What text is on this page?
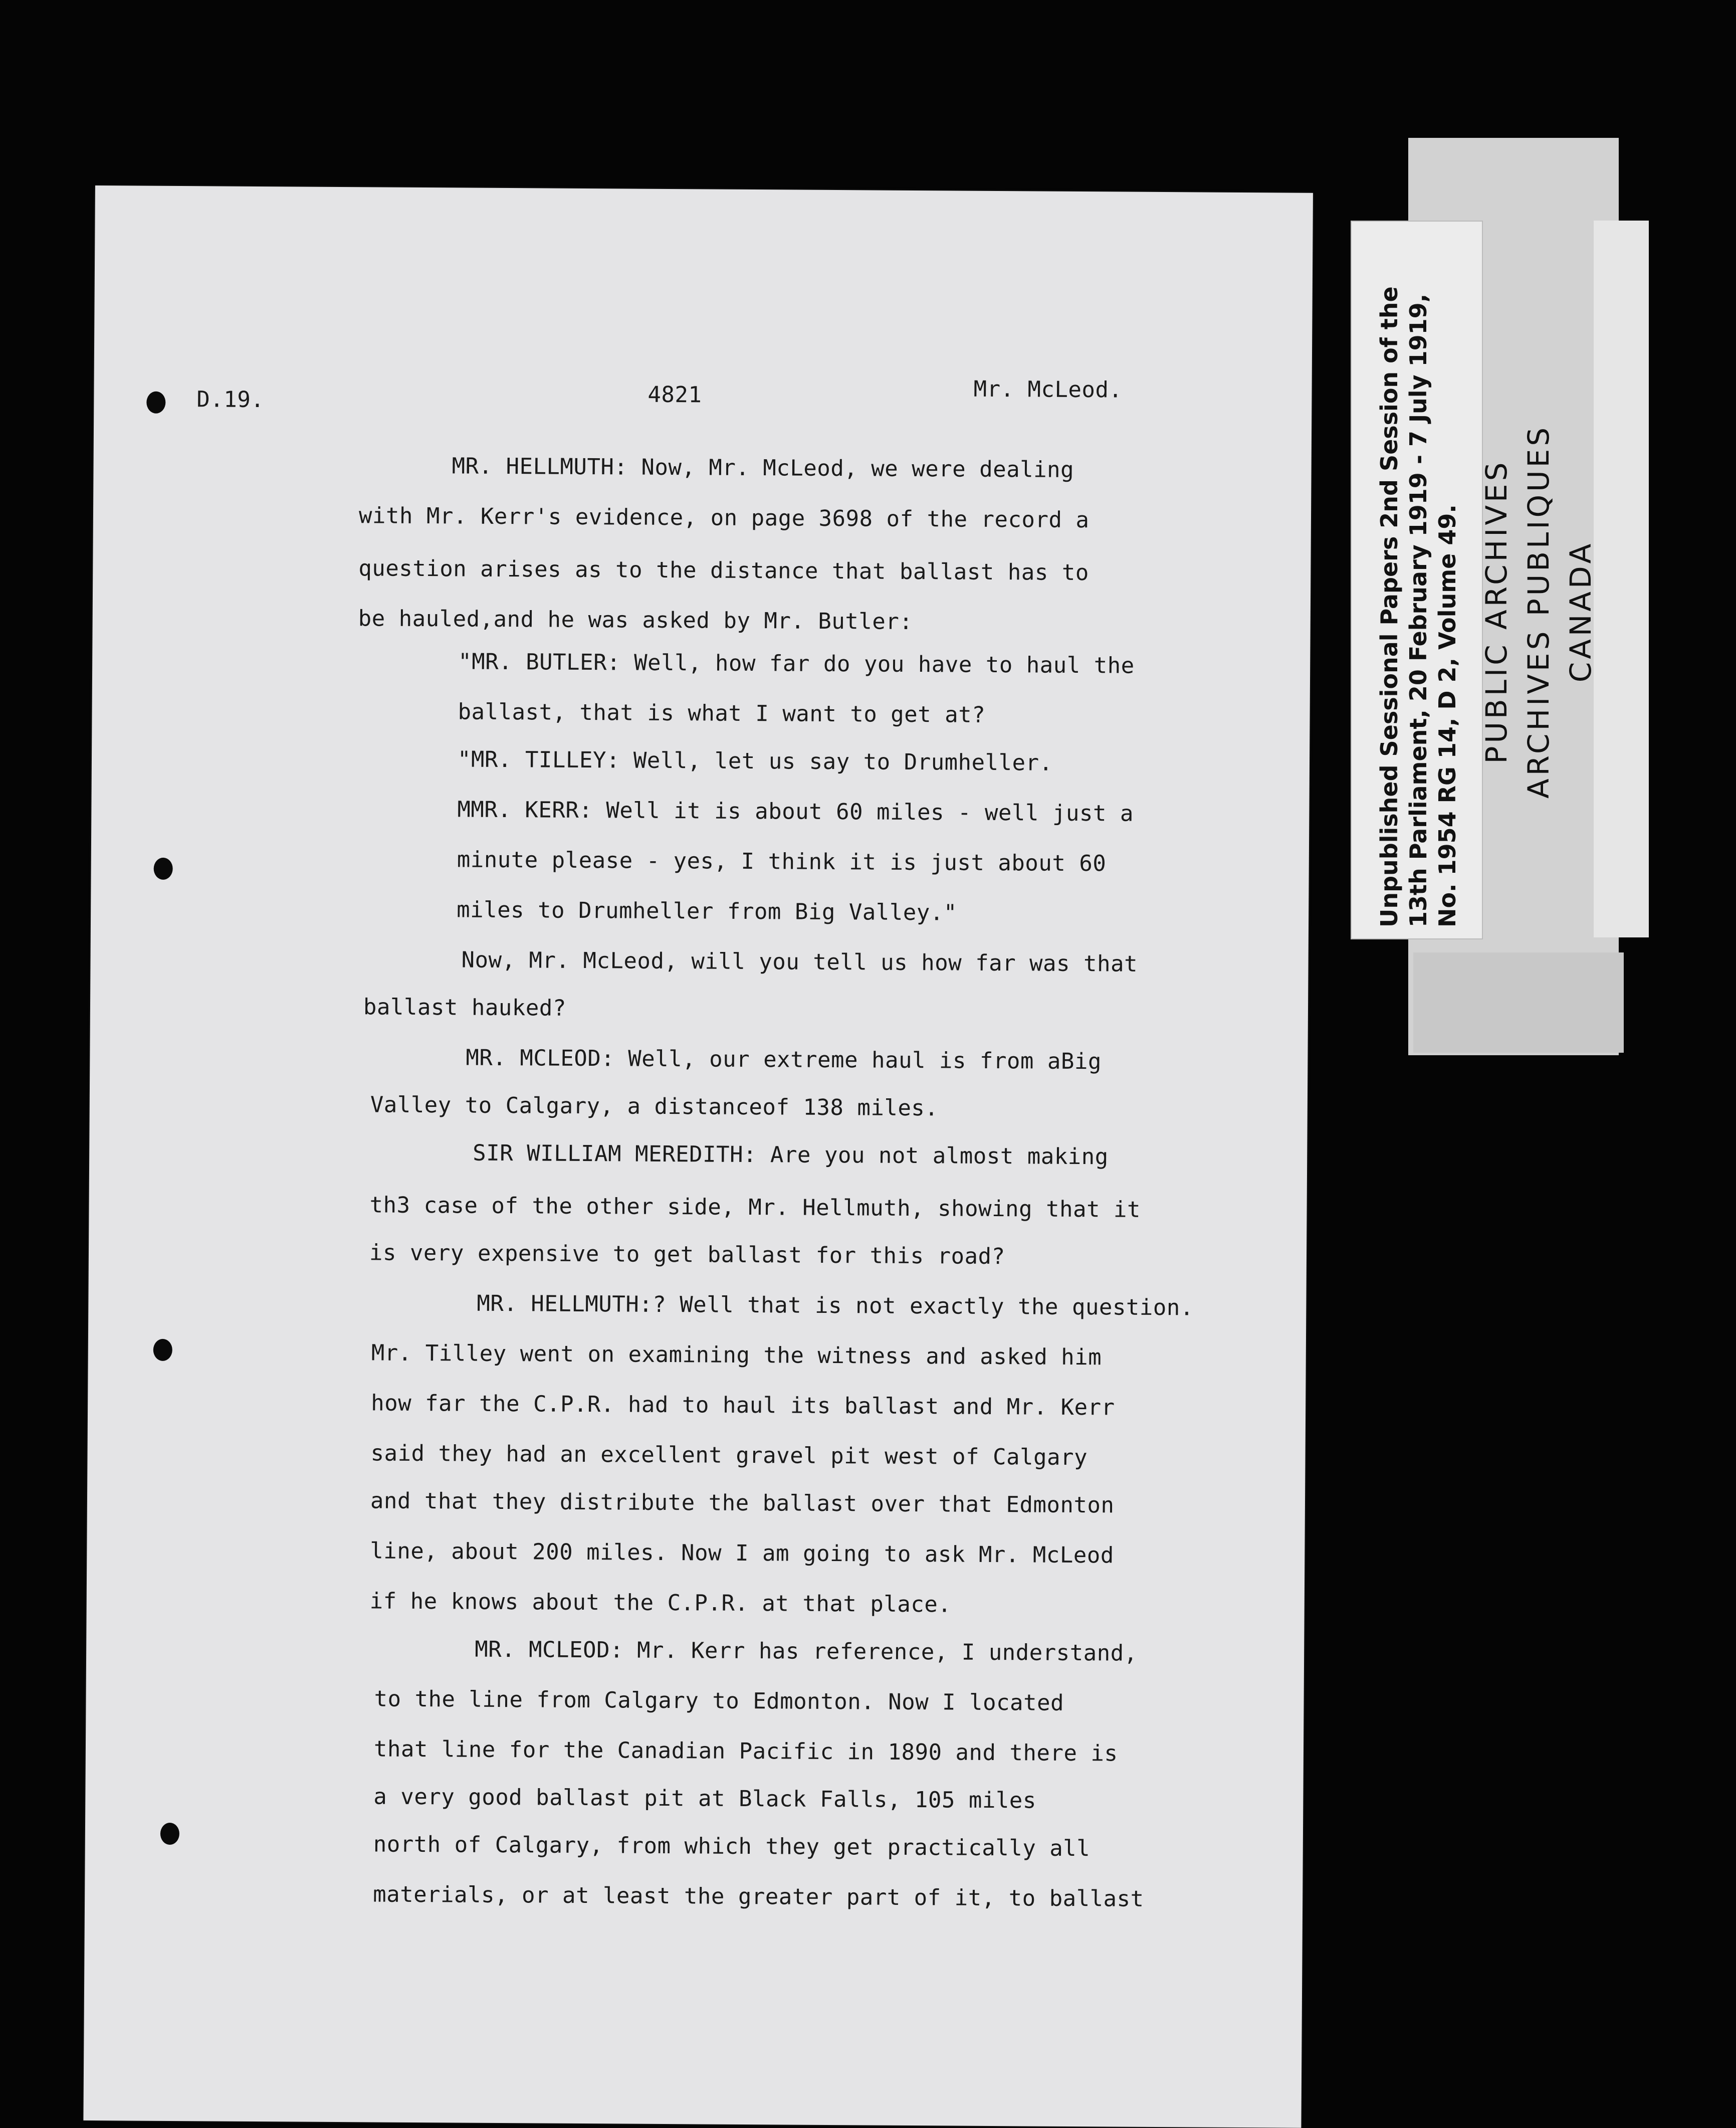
Unpublished Sessional Papers 2nd Session of the 13th Parliament, 20 February 1919 - 7 July 1919, No. 1954 RG 14, D 2, Volume 49. PUBLIC ARCHIVES ARCHIVES PUBLIQUES CANADA
D.19.	4821	Mr. McLeod.
MR. HELLMUTH: Now, Mr. McLeod, we were dealing
with Mr. Kerr's evidence, on page 3698 of the record a
question arises as to the distance that ballast has to
be hauled,and he was asked by Mr. Butler:
"MR. BUTLER: Well, how far do you have to haul the
ballast, that is what I want to get at?
"MR. TILLEY: Well, let us say to Drumheller.
MMR. KERR: Well it is about 60 miles - well just a
minute please - yes, I think it is just about 60
miles to Drumheller from Big Valley."
Now, Mr. McLeod, will you tell us how far was that
ballast hauked?
MR. MCLEOD: Well, our extreme haul is from aBig
Valley to Calgary, a distanceof 138 miles.
SIR WILLIAM MEREDITH: Are you not almost making
th3 case of the other side, Mr. Hellmuth, showing that it
is very expensive to get ballast for this road?
MR. HELLMUTH:? Well that is not exactly the question.
Mr. Tilley went on examining the witness and asked him
how far the C.P.R. had to haul its ballast and Mr. Kerr
said they had an excellent gravel pit west of Calgary
and that they distribute the ballast over that Edmonton
line, about 200 miles. Now I am going to ask Mr. McLeod
if he knows about the C.P.R. at that place.
MR. MCLEOD: Mr. Kerr has reference, I understand,
to the line from Calgary to Edmonton. Now I located
that line for the Canadian Pacific in 1890 and there is
a very good ballast pit at Black Falls, 105 miles
north of Calgary, from which they get practically all
materials, or at least the greater part of it, to ballast
